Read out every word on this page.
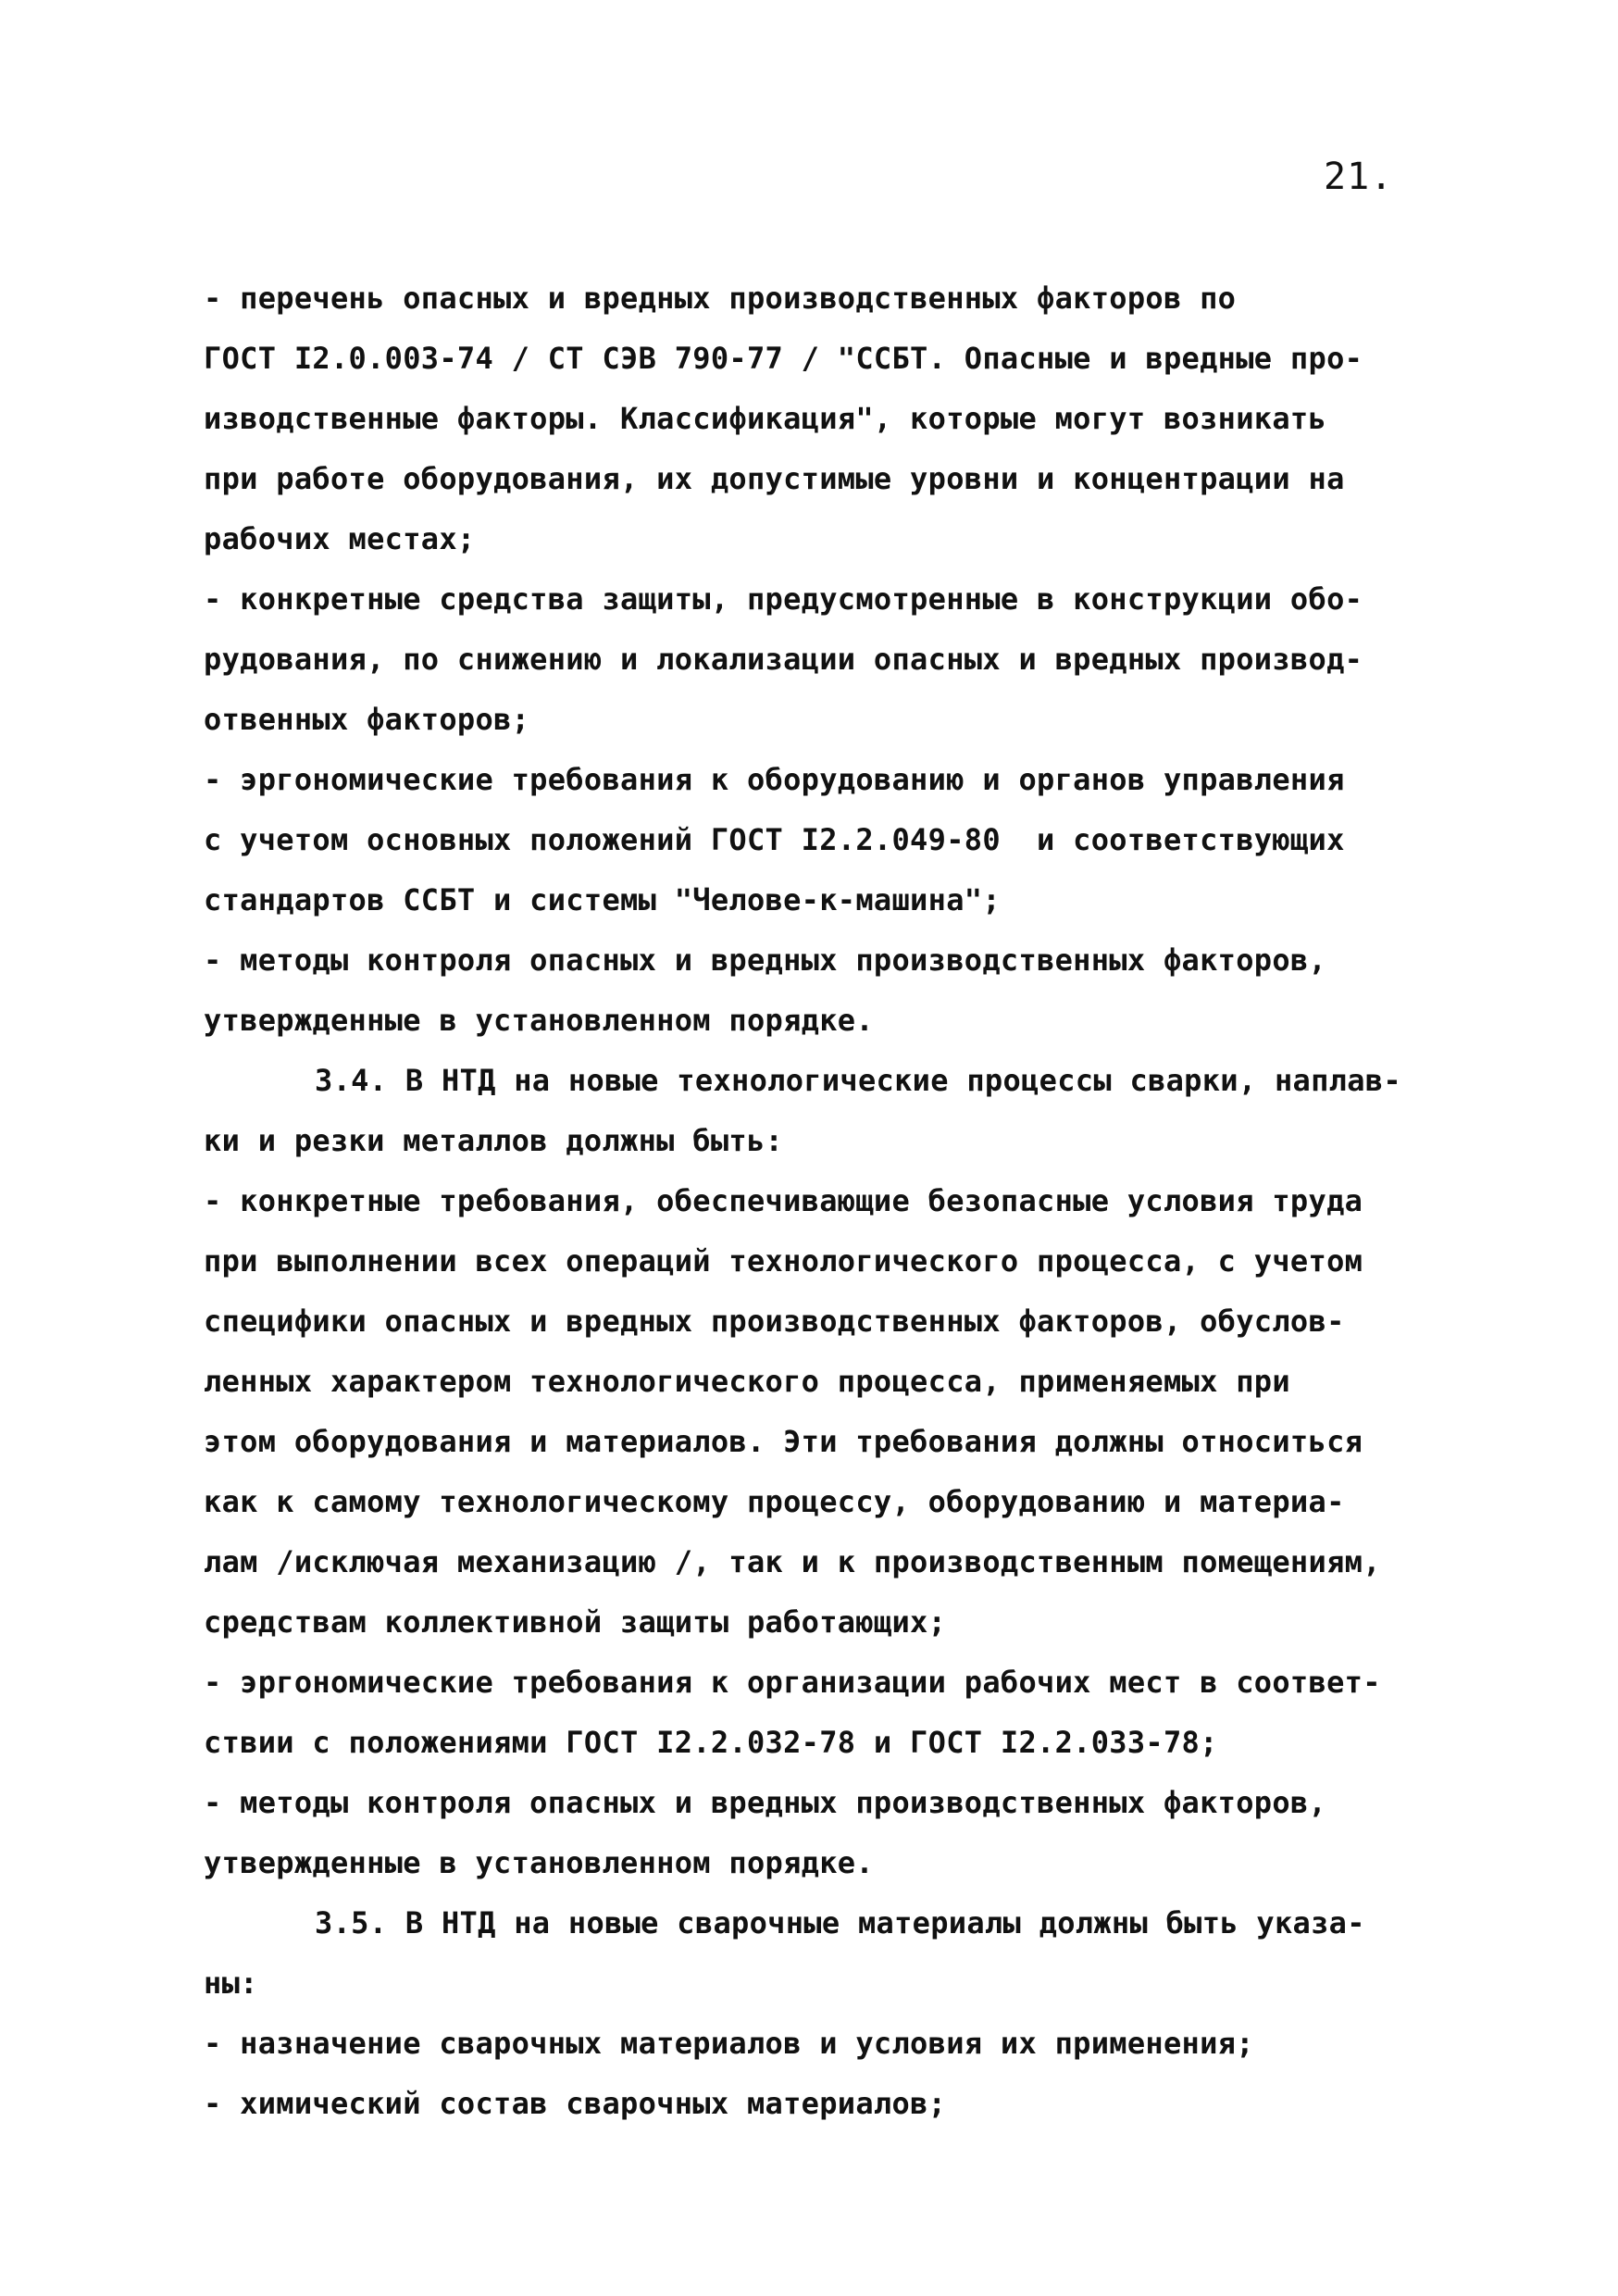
21.
- перечень опасных и вредных производственных факторов по
ГОСТ I2.0.003-74 / СТ СЭВ 790-77 / "ССБТ. Опасные и вредные про-
изводственные факторы. Классификация", которые могут возникать
при работе оборудования, их допустимые уровни и концентрации на
рабочих местах;
- конкретные средства защиты, предусмотренные в конструкции обо-
рудования, по снижению и локализации опасных и вредных производ-
отвенных факторов;
- эргономические требования к оборудованию и органов управления
с учетом основных положений ГОСТ I2.2.049-80  и соответствующих
стандартов ССБТ и системы "Челове-к-машина";
- методы контроля опасных и вредных производственных факторов,
утвержденные в установленном порядке.
3.4. В НТД на новые технологические процессы сварки, наплав-
ки и резки металлов должны быть:
- конкретные требования, обеспечивающие безопасные условия труда
при выполнении всех операций технологического процесса, с учетом
специфики опасных и вредных производственных факторов, обуслов-
ленных характером технологического процесса, применяемых при
этом оборудования и материалов. Эти требования должны относиться
как к самому технологическому процессу, оборудованию и материа-
лам /исключая механизацию /, так и к производственным помещениям,
средствам коллективной защиты работающих;
- эргономические требования к организации рабочих мест в соответ-
ствии с положениями ГОСТ I2.2.032-78 и ГОСТ I2.2.033-78;
- методы контроля опасных и вредных производственных факторов,
утвержденные в установленном порядке.
3.5. В НТД на новые сварочные материалы должны быть указа-
ны:
- назначение сварочных материалов и условия их применения;
- химический состав сварочных материалов;
